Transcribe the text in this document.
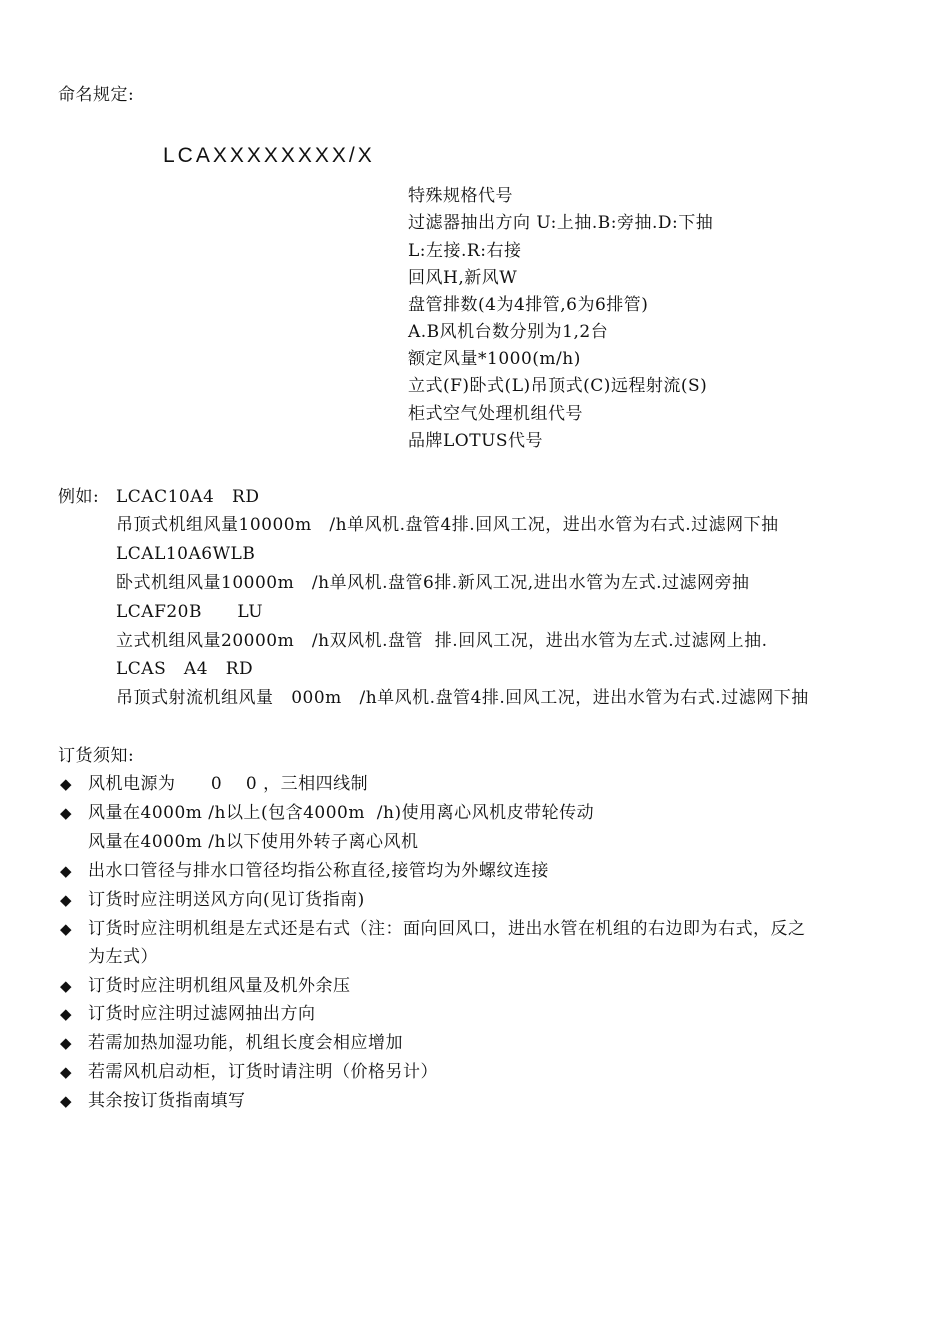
命名规定:
LCAXXXXXXXX/X
特殊规格代号
过滤器抽出方向 U:上抽.B:旁抽.D:下抽
L:左接.R:右接
回风H,新风W
盘管排数(4为4排管,6为6排管)
A.B风机台数分别为1,2台
额定风量*1000(m/h)
立式(F)卧式(L)吊顶式(C)远程射流(S)
柜式空气处理机组代号
品牌LOTUS代号
例如: LCAC10A4   RD
吊顶式机组风量10000m   /h单风机.盘管4排.回风工况，进出水管为右式.过滤网下抽
LCAL10A6WLB
卧式机组风量10000m   /h单风机.盘管6排.新风工况,进出水管为左式.过滤网旁抽
LCAF20B      LU
立式机组风量20000m   /h双风机.盘管  排.回风工况，进出水管为左式.过滤网上抽.
LCAS   A4   RD
吊顶式射流机组风量   000m   /h单风机.盘管4排.回风工况，进出水管为右式.过滤网下抽
订货须知:
◆ 风机电源为      0    0 ，三相四线制
◆ 风量在4000m /h以上(包含4000m  /h)使用离心风机皮带轮传动
风量在4000m /h以下使用外转子离心风机
◆ 出水口管径与排水口管径均指公称直径,接管均为外螺纹连接
◆ 订货时应注明送风方向(见订货指南)
◆ 订货时应注明机组是左式还是右式（注：面向回风口，进出水管在机组的右边即为右式，反之
为左式）
◆ 订货时应注明机组风量及机外余压
◆ 订货时应注明过滤网抽出方向
◆ 若需加热加湿功能，机组长度会相应增加
◆ 若需风机启动柜，订货时请注明（价格另计）
◆ 其余按订货指南填写
